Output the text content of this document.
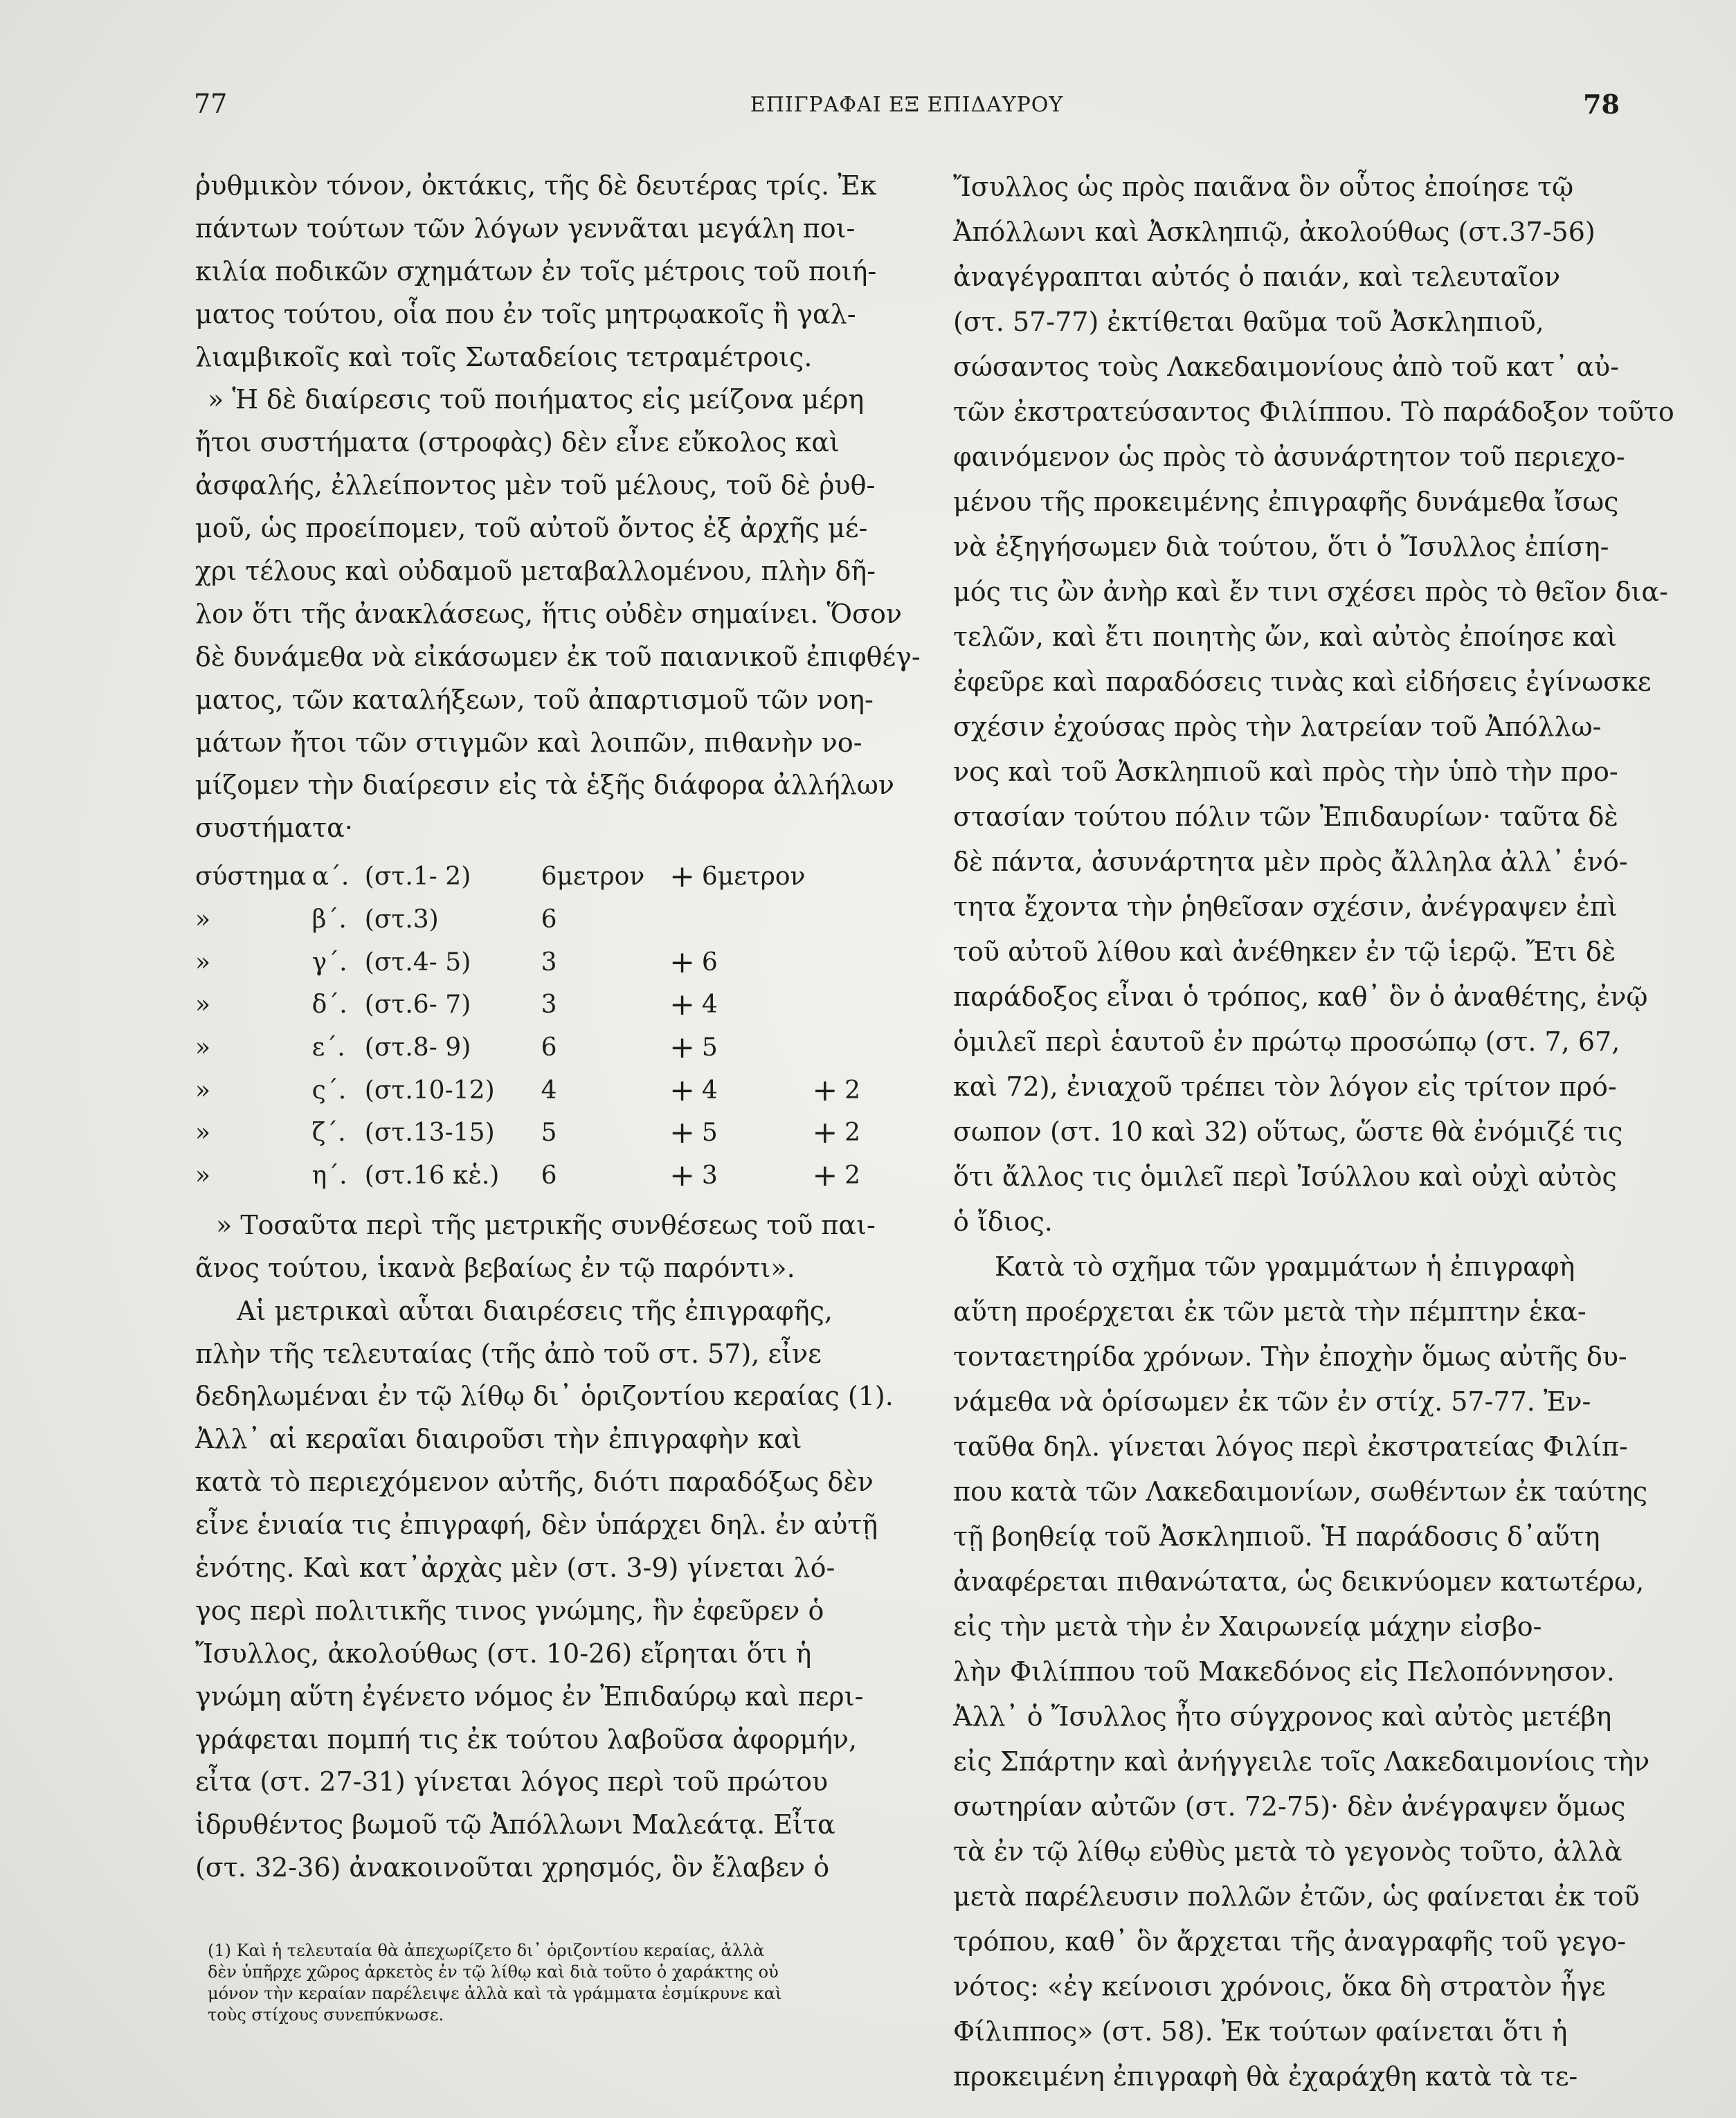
77	ΕΠΙΓΡΑΦΑΙ ΕΞ ΕΠΙΔΑΥΡΟΥ	78
ῥυθμικὸν τόνον, ὀκτάκις, τῆς δὲ δευτέρας τρίς. Ἐκ
πάντων τούτων τῶν λόγων γεννᾶται μεγάλη ποι-
κιλία ποδικῶν σχημάτων ἐν τοῖς μέτροις τοῦ ποιή-
ματος τούτου, οἷα που ἐν τοῖς μητρῳακοῖς ἢ γαλ-
λιαμβικοῖς καὶ τοῖς Σωταδείοις τετραμέτροις.
» Ἡ δὲ διαίρεσις τοῦ ποιήματος εἰς μείζονα μέρη
ἤτοι συστήματα (στροφὰς) δὲν εἶνε εὔκολος καὶ
ἀσφαλής, ἐλλείποντος μὲν τοῦ μέλους, τοῦ δὲ ῥυθ-
μοῦ, ὡς προείπομεν, τοῦ αὐτοῦ ὄντος ἐξ ἀρχῆς μέ-
χρι τέλους καὶ οὐδαμοῦ μεταβαλλομένου, πλὴν δῆ-
λον ὅτι τῆς ἀνακλάσεως, ἥτις οὐδὲν σημαίνει. Ὅσον
δὲ δυνάμεθα νὰ εἰκάσωμεν ἐκ τοῦ παιανικοῦ ἐπιφθέγ-
ματος, τῶν καταλήξεων, τοῦ ἀπαρτισμοῦ τῶν νοη-
μάτων ἤτοι τῶν στιγμῶν καὶ λοιπῶν, πιθανὴν νο-
μίζομεν τὴν διαίρεσιν εἰς τὰ ἑξῆς διάφορα ἀλλήλων
συστήματα·
σύστημα	α΄.	(στ.	1- 2)	6μετρον	+	6μετρον		
»	β΄.	(στ.	3)	6				
»	γ΄.	(στ.	4- 5)	3	+	6		
»	δ΄.	(στ.	6- 7)	3	+	4		
»	ε΄.	(στ.	8- 9)	6	+	5		
»	ς΄.	(στ.	10-12)	4	+	4	+	2
»	ζ΄.	(στ.	13-15)	5	+	5	+	2
»	η΄.	(στ.	16 κἑ.)	6	+	3	+	2
» Τοσαῦτα περὶ τῆς μετρικῆς συνθέσεως τοῦ παι-
ᾶνος τούτου, ἱκανὰ βεβαίως ἐν τῷ παρόντι».
Αἱ μετρικαὶ αὗται διαιρέσεις τῆς ἐπιγραφῆς,
πλὴν τῆς τελευταίας (τῆς ἀπὸ τοῦ στ. 57), εἶνε
δεδηλωμέναι ἐν τῷ λίθῳ δι᾽ ὁριζοντίου κεραίας (1).
Ἀλλ᾽ αἱ κεραῖαι διαιροῦσι τὴν ἐπιγραφὴν καὶ
κατὰ τὸ περιεχόμενον αὐτῆς, διότι παραδόξως δὲν
εἶνε ἑνιαία τις ἐπιγραφή, δὲν ὑπάρχει δηλ. ἐν αὐτῇ
ἑνότης. Καὶ κατ᾽ἀρχὰς μὲν (στ. 3-9) γίνεται λό-
γος περὶ πολιτικῆς τινος γνώμης, ἣν ἐφεῦρεν ὁ
Ἴσυλλος, ἀκολούθως (στ. 10-26) εἴρηται ὅτι ἡ
γνώμη αὕτη ἐγένετο νόμος ἐν Ἐπιδαύρῳ καὶ περι-
γράφεται πομπή τις ἐκ τούτου λαβοῦσα ἀφορμήν,
εἶτα (στ. 27-31) γίνεται λόγος περὶ τοῦ πρώτου
ἱδρυθέντος βωμοῦ τῷ Ἀπόλλωνι Μαλεάτᾳ. Εἶτα
(στ. 32-36) ἀνακοινοῦται χρησμός, ὃν ἔλαβεν ὁ
(1) Καὶ ἡ τελευταία θὰ ἀπεχωρίζετο δι᾽ ὁριζοντίου κεραίας, ἀλλὰ
δὲν ὑπῆρχε χῶρος ἀρκετὸς ἐν τῷ λίθῳ καὶ διὰ τοῦτο ὁ χαράκτης οὐ
μόνον τὴν κεραίαν παρέλειψε ἀλλὰ καὶ τὰ γράμματα ἐσμίκρυνε καὶ
τοὺς στίχους συνεπύκνωσε.
Ἴσυλλος ὡς πρὸς παιᾶνα ὃν οὗτος ἐποίησε τῷ
Ἀπόλλωνι καὶ Ἀσκληπιῷ, ἀκολούθως (στ.37-56)
ἀναγέγραπται αὐτός ὁ παιάν, καὶ τελευταῖον
(στ. 57-77) ἐκτίθεται θαῦμα τοῦ Ἀσκληπιοῦ,
σώσαντος τοὺς Λακεδαιμονίους ἀπὸ τοῦ κατ᾽ αὐ-
τῶν ἐκστρατεύσαντος Φιλίππου. Τὸ παράδοξον τοῦτο
φαινόμενον ὡς πρὸς τὸ ἀσυνάρτητον τοῦ περιεχο-
μένου τῆς προκειμένης ἐπιγραφῆς δυνάμεθα ἴσως
νὰ ἐξηγήσωμεν διὰ τούτου, ὅτι ὁ Ἴσυλλος ἐπίση-
μός τις ὢν ἀνὴρ καὶ ἔν τινι σχέσει πρὸς τὸ θεῖον δια-
τελῶν, καὶ ἔτι ποιητὴς ὤν, καὶ αὐτὸς ἐποίησε καὶ
ἐφεῦρε καὶ παραδόσεις τινὰς καὶ εἰδήσεις ἐγίνωσκε
σχέσιν ἐχούσας πρὸς τὴν λατρείαν τοῦ Ἀπόλλω-
νος καὶ τοῦ Ἀσκληπιοῦ καὶ πρὸς τὴν ὑπὸ τὴν προ-
στασίαν τούτου πόλιν τῶν Ἐπιδαυρίων· ταῦτα δὲ
δὲ πάντα, ἀσυνάρτητα μὲν πρὸς ἄλληλα ἀλλ᾽ ἑνό-
τητα ἔχοντα τὴν ῥηθεῖσαν σχέσιν, ἀνέγραψεν ἐπὶ
τοῦ αὐτοῦ λίθου καὶ ἀνέθηκεν ἐν τῷ ἱερῷ. Ἔτι δὲ
παράδοξος εἶναι ὁ τρόπος, καθ᾽ ὃν ὁ ἀναθέτης, ἐνῷ
ὁμιλεῖ περὶ ἑαυτοῦ ἐν πρώτῳ προσώπῳ (στ. 7, 67,
καὶ 72), ἐνιαχοῦ τρέπει τὸν λόγον εἰς τρίτον πρό-
σωπον (στ. 10 καὶ 32) οὕτως, ὥστε θὰ ἐνόμιζέ τις
ὅτι ἄλλος τις ὁμιλεῖ περὶ Ἰσύλλου καὶ οὐχὶ αὐτὸς
ὁ ἴδιος.
Κατὰ τὸ σχῆμα τῶν γραμμάτων ἡ ἐπιγραφὴ
αὕτη προέρχεται ἐκ τῶν μετὰ τὴν πέμπτην ἑκα-
τονταετηρίδα χρόνων. Τὴν ἐποχὴν ὅμως αὐτῆς δυ-
νάμεθα νὰ ὁρίσωμεν ἐκ τῶν ἐν στίχ. 57-77. Ἐν-
ταῦθα δηλ. γίνεται λόγος περὶ ἐκστρατείας Φιλίπ-
που κατὰ τῶν Λακεδαιμονίων, σωθέντων ἐκ ταύτης
τῇ βοηθείᾳ τοῦ Ἀσκληπιοῦ. Ἡ παράδοσις δ᾽αὕτη
ἀναφέρεται πιθανώτατα, ὡς δεικνύομεν κατωτέρω,
εἰς τὴν μετὰ τὴν ἐν Χαιρωνείᾳ μάχην εἰσβο-
λὴν Φιλίππου τοῦ Μακεδόνος εἰς Πελοπόννησον.
Ἀλλ᾽ ὁ Ἴσυλλος ἦτο σύγχρονος καὶ αὐτὸς μετέβη
εἰς Σπάρτην καὶ ἀνήγγειλε τοῖς Λακεδαιμονίοις τὴν
σωτηρίαν αὐτῶν (στ. 72-75)· δὲν ἀνέγραψεν ὅμως
τὰ ἐν τῷ λίθῳ εὐθὺς μετὰ τὸ γεγονὸς τοῦτο, ἀλλὰ
μετὰ παρέλευσιν πολλῶν ἐτῶν, ὡς φαίνεται ἐκ τοῦ
τρόπου, καθ᾽ ὃν ἄρχεται τῆς ἀναγραφῆς τοῦ γεγο-
νότος: «ἐγ κείνοισι χρόνοις, ὅκα δὴ στρατὸν ἦγε
Φίλιππος» (στ. 58). Ἐκ τούτων φαίνεται ὅτι ἡ
προκειμένη ἐπιγραφὴ θὰ ἐχαράχθη κατὰ τὰ τε-
